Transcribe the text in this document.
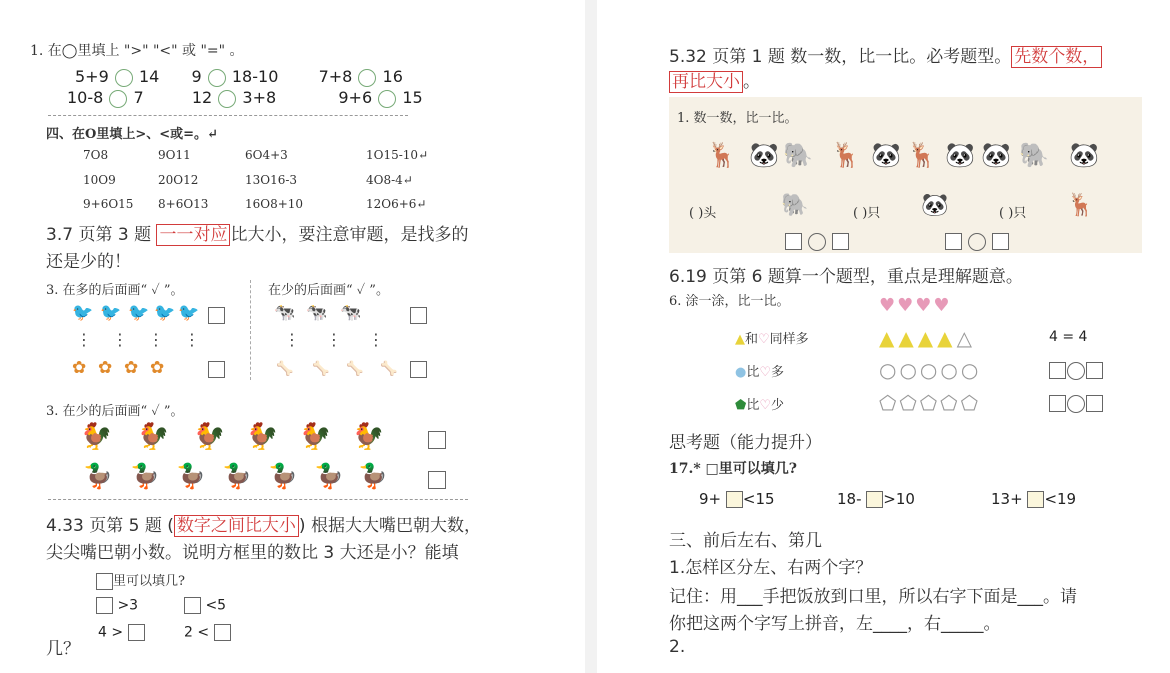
1. 在◯里填上 ">" "<" 或 "=" 。
5+9 14 9 18-10	7+8 16
10-8 7	12 3+8	9+6 15
四、在O里填上>、<或=。↵
7O8	9O11	6O4+3	1O15-10↵
10O9	20O12	13O16-3	4O8-4↵
9+6O15 8+6O13	16O8+10	12O6+6↵
3.7 页第 3 题 一一对应 比大小，要注意审题，是找多的
还是少的！
3. 在多的后面画“ ✓ ”。	在少的后面画“ ✓ ”。
🐦 🐦 🐦 🐦 🐦
⋮⋮⋮⋮
✿ ✿ ✿ ✿
🐄 🐄 🐄
⋮⋮⋮
🦴 🦴 🦴 🦴
3. 在少的后面画“ ✓ ”。
🐓 🐓 🐓 🐓 🐓 🐓
🦆 🦆 🦆 🦆 🦆 🦆 🦆
4.33 页第 5 题 ( 数字之间比大小 ) 根据大大嘴巴朝大数，
尖尖嘴巴朝小数。说明方框里的数比 3 大还是小？能填
里可以填几?
>3	<5
4 >	2 <
几？
5.32 页第 1 题 数一数，比一比。必考题型。 先数个数，
再比大小 。
1. 数一数，比一比。
🦌 🐼 🐘 🦌 🐼 🦌 🐼 🐼 🐘 🐼
( )头	🐘	( )只 🐼	( )只 🦌

6.19 页第 6 题算一个题型，重点是理解题意。
6. 涂一涂，比一比。	♥♥♥♥
▲和♡同样多	▲▲▲▲△	4 = 4
●比♡多	○○○○○
⬟比♡少	⬠⬠⬠⬠⬠
思考题（能力提升）
17.* □里可以填几?
9+ <15	18- >10	13+ <19
三、前后左右、第几
1.怎样区分左、右两个字？
记住：用___手把饭放到口里，所以右字下面是___。请
你把这两个字写上拼音，左____，右_____。
2.
